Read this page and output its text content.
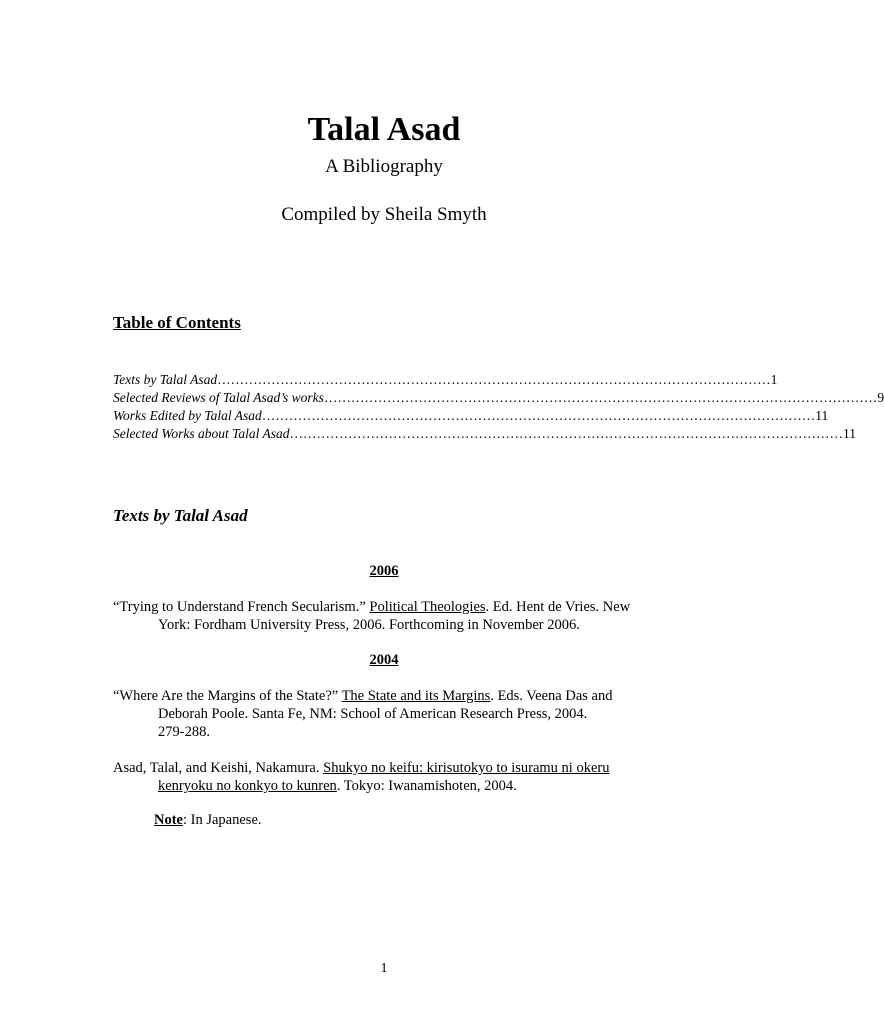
Talal Asad
A Bibliography
Compiled by Sheila Smyth
Table of Contents
Texts by Talal Asad …………………………………………………………………………………………………………… 1
Selected Reviews of Talal Asad’s works …………………………………………………………………………………………………………… 9
Works Edited by Talal Asad …………………………………………………………………………………………………………… 11
Selected Works about Talal Asad …………………………………………………………………………………………………………… 11
Texts by Talal Asad
2006
“Trying to Understand French Secularism.” Political Theologies. Ed. Hent de Vries. New
York: Fordham University Press, 2006. Forthcoming in November 2006.
2004
“Where Are the Margins of the State?” The State and its Margins. Eds. Veena Das and
Deborah Poole. Santa Fe, NM: School of American Research Press, 2004.
279-288.
Asad, Talal, and Keishi, Nakamura. Shukyo no keifu: kirisutokyo to isuramu ni okeru
kenryoku no konkyo to kunren. Tokyo: Iwanamishoten, 2004.
Note: In Japanese.
1
